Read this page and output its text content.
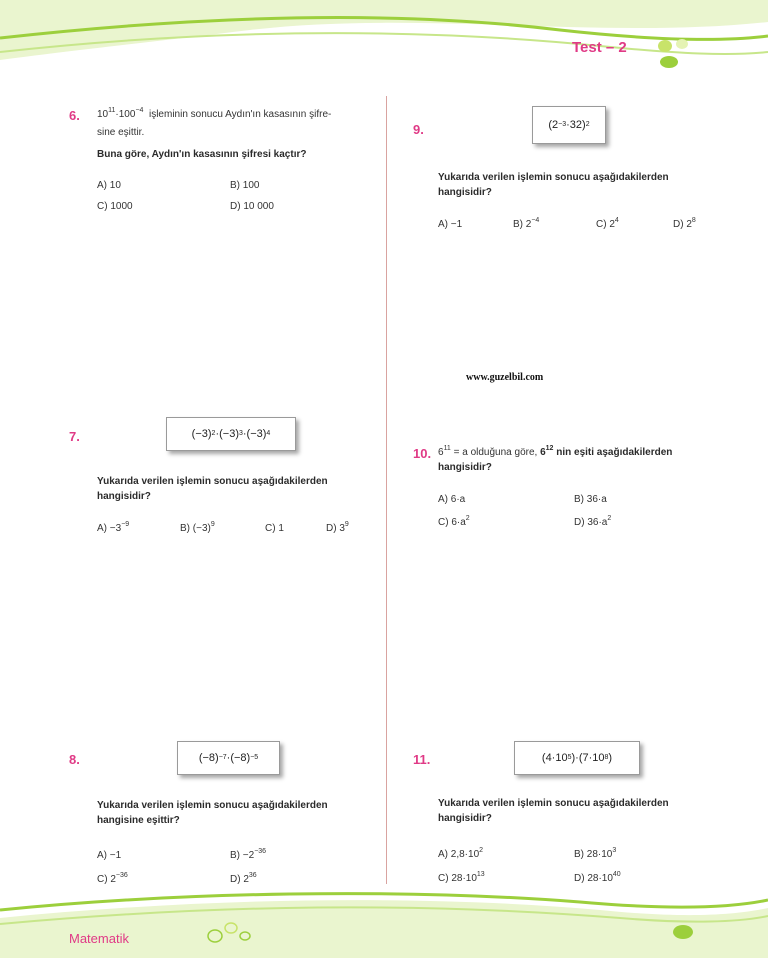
Test – 2
6. $10^{11}\cdot 100^{-4}$ işleminin sonucu Aydın'ın kasasının şifre-
sine eşittir.
Buna göre, Aydın'ın kasasının şifresi kaçtır?
A) 10	B) 100
C) 1000	D) 10 000
7.	(−3) 2 ·(−3) 3 ·(−3) 4
Yukarıda verilen işlemin sonucu aşağıdakilerden
hangisidir?
$A) -3^{-9}$	B) $(-3)^9$	C) 1	D) $3^9$
8.	(−8) −7 ·(−8) −5
Yukarıda verilen işlemin sonucu aşağıdakilerden
hangisine eşittir?
A) −1	$B) -2^{-36}$
C) $2^{-36}$	D) $2^{36}$
9.	(2 −3 ·32) 2
Yukarıda verilen işlemin sonucu aşağıdakilerden
hangisidir?
A) −1	B) $2^{-4}$	C) $2^4$	D) $2^8$
www.guzelbil.com
10. $6^{11} = a$ olduğuna göre, $6^{12}$ nin eşiti aşağıdakilerden
hangisidir?
A) 6·a	B) 36·a
C) $6\cdot a^2$	D) $36\cdot a^2$
11.	(4·10 5 )·(7·10 8 )
Yukarıda verilen işlemin sonucu aşağıdakilerden
hangisidir?
A) $2,8\cdot 10^2$	B) $28\cdot 10^3$
C) $28\cdot 10^{13}$	D) $28\cdot 10^{40}$
Matematik
